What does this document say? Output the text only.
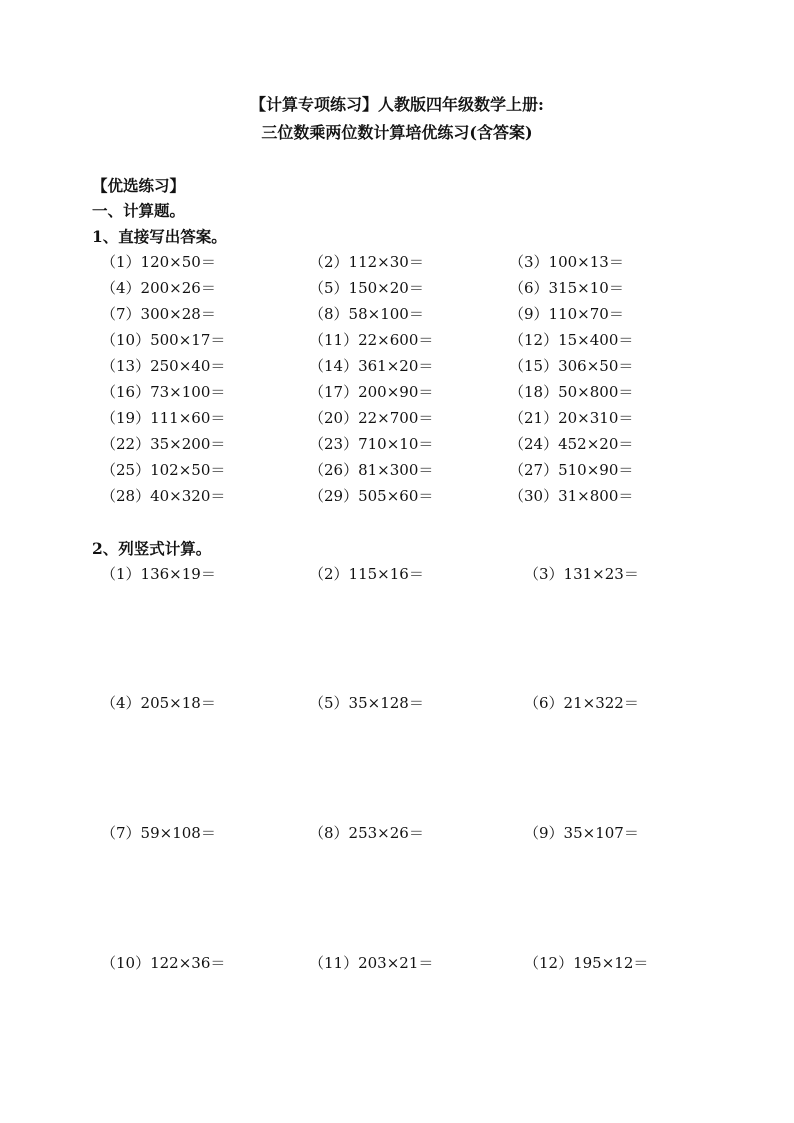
【计算专项练习】人教版四年级数学上册:
三位数乘两位数计算培优练习(含答案)
【优选练习】
一、计算题。
1、直接写出答案。
（1）120×50＝	（2）112×30＝	（3）100×13＝
（4）200×26＝	（5）150×20＝	（6）315×10＝
（7）300×28＝	（8）58×100＝	（9）110×70＝
（10）500×17＝	（11）22×600＝	（12）15×400＝
（13）250×40＝	（14）361×20＝	（15）306×50＝
（16）73×100＝	（17）200×90＝	（18）50×800＝
（19）111×60＝	（20）22×700＝	（21）20×310＝
（22）35×200＝	（23）710×10＝	（24）452×20＝
（25）102×50＝	（26）81×300＝	（27）510×90＝
（28）40×320＝	（29）505×60＝	（30）31×800＝
2、列竖式计算。
（1）136×19＝	（2）115×16＝	（3）131×23＝
（4）205×18＝	（5）35×128＝	（6）21×322＝
（7）59×108＝	（8）253×26＝	（9）35×107＝
（10）122×36＝	（11）203×21＝	（12）195×12＝
